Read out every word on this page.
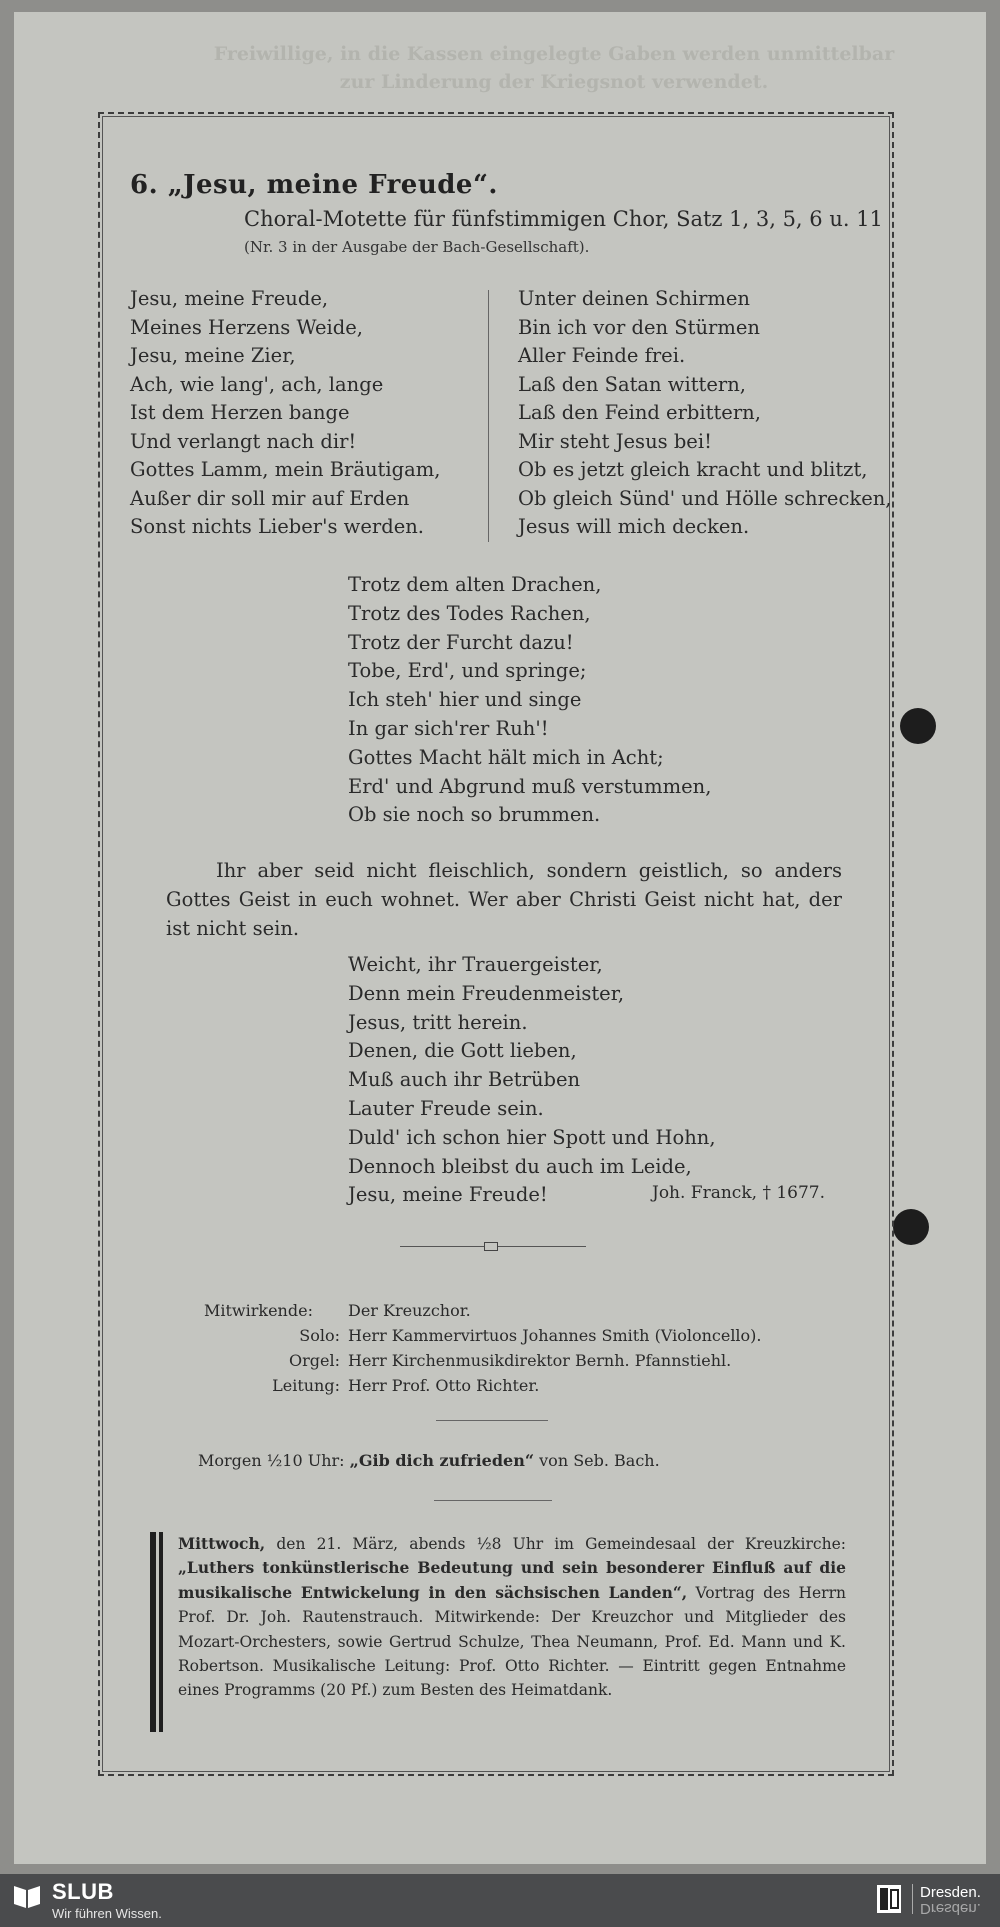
Freiwillige, in die Kassen eingelegte Gaben werden unmittelbar
zur Linderung der Kriegsnot verwendet.
6. „Jesu, meine Freude“.
Choral-Motette für fünfstimmigen Chor, Satz 1, 3, 5, 6 u. 11
(Nr. 3 in der Ausgabe der Bach-Gesellschaft).
Jesu, meine Freude,
Meines Herzens Weide,
Jesu, meine Zier,
Ach, wie lang', ach, lange
Ist dem Herzen bange
Und verlangt nach dir!
Gottes Lamm, mein Bräutigam,
Außer dir soll mir auf Erden
Sonst nichts Lieber's werden.
Unter deinen Schirmen
Bin ich vor den Stürmen
Aller Feinde frei.
Laß den Satan wittern,
Laß den Feind erbittern,
Mir steht Jesus bei!
Ob es jetzt gleich kracht und blitzt,
Ob gleich Sünd' und Hölle schrecken,
Jesus will mich decken.
Trotz dem alten Drachen,
Trotz des Todes Rachen,
Trotz der Furcht dazu!
Tobe, Erd', und springe;
Ich steh' hier und singe
In gar sich'rer Ruh'!
Gottes Macht hält mich in Acht;
Erd' und Abgrund muß verstummen,
Ob sie noch so brummen.
Ihr aber seid nicht fleischlich, sondern geistlich, so anders Gottes Geist in euch wohnet. Wer aber Christi Geist nicht hat, der ist nicht sein.
Weicht, ihr Trauergeister,
Denn mein Freudenmeister,
Jesus, tritt herein.
Denen, die Gott lieben,
Muß auch ihr Betrüben
Lauter Freude sein.
Duld' ich schon hier Spott und Hohn,
Dennoch bleibst du auch im Leide,
Jesu, meine Freude!	Joh. Franck, † 1677.
Mitwirkende:	Der Kreuzchor.
Solo: Herr Kammervirtuos Johannes Smith (Violoncello).
Orgel: Herr Kirchenmusikdirektor Bernh. Pfannstiehl.
Leitung: Herr Prof. Otto Richter.
Morgen ½10 Uhr: „Gib dich zufrieden“ von Seb. Bach.
Mittwoch, den 21. März, abends ½8 Uhr im Gemeindesaal der Kreuzkirche: „Luthers tonkünstlerische Bedeutung und sein besonderer Einfluß auf die musikalische Entwickelung in den sächsischen Landen“, Vortrag des Herrn Prof. Dr. Joh. Rautenstrauch. Mitwirkende: Der Kreuzchor und Mitglieder des Mozart-Orchesters, sowie Gertrud Schulze, Thea Neumann, Prof. Ed. Mann und K. Robertson. Musikalische Leitung: Prof. Otto Richter. — Eintritt gegen Entnahme eines Programms (20 Pf.) zum Besten des Heimatdank.
SLUB
Wir führen Wissen.
Dresden.
Dresden.
